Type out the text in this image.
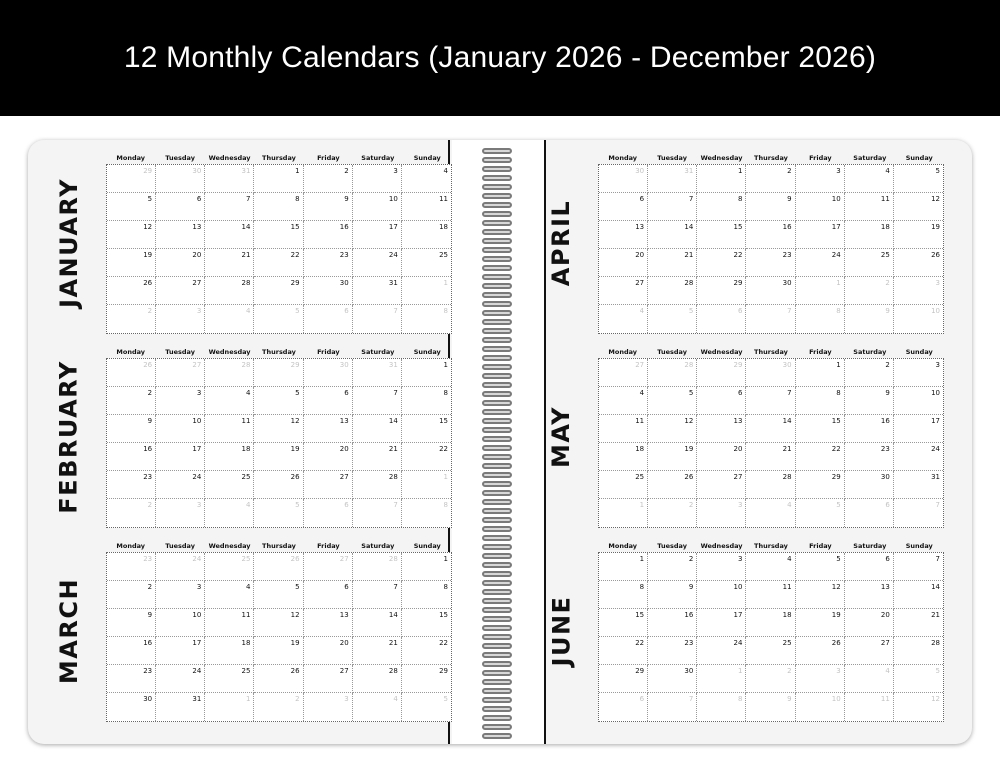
12 Monthly Calendars (January 2026 - December 2026)
JANUARY
Monday	Tuesday	Wednesday	Thursday	Friday	Saturday	Sunday
29	30	31	1	2	3	4
5	6	7	8	9	10	11
12	13	14	15	16	17	18
19	20	21	22	23	24	25
26	27	28	29	30	31	1
2	3	4	5	6	7	8
FEBRUARY
Monday	Tuesday	Wednesday	Thursday	Friday	Saturday	Sunday
26	27	28	29	30	31	1
2	3	4	5	6	7	8
9	10	11	12	13	14	15
16	17	18	19	20	21	22
23	24	25	26	27	28	1
2	3	4	5	6	7	8
MARCH
Monday	Tuesday	Wednesday	Thursday	Friday	Saturday	Sunday
23	24	25	26	27	28	1
2	3	4	5	6	7	8
9	10	11	12	13	14	15
16	17	18	19	20	21	22
23	24	25	26	27	28	29
30	31	1	2	3	4	5
APRIL
Monday	Tuesday	Wednesday	Thursday	Friday	Saturday	Sunday
30	31	1	2	3	4	5
6	7	8	9	10	11	12
13	14	15	16	17	18	19
20	21	22	23	24	25	26
27	28	29	30	1	2	3
4	5	6	7	8	9	10
MAY
Monday	Tuesday	Wednesday	Thursday	Friday	Saturday	Sunday
27	28	29	30	1	2	3
4	5	6	7	8	9	10
11	12	13	14	15	16	17
18	19	20	21	22	23	24
25	26	27	28	29	30	31
1	2	3	4	5	6	7
JUNE
Monday	Tuesday	Wednesday	Thursday	Friday	Saturday	Sunday
1	2	3	4	5	6	7
8	9	10	11	12	13	14
15	16	17	18	19	20	21
22	23	24	25	26	27	28
29	30	1	2	3	4	5
6	7	8	9	10	11	12
